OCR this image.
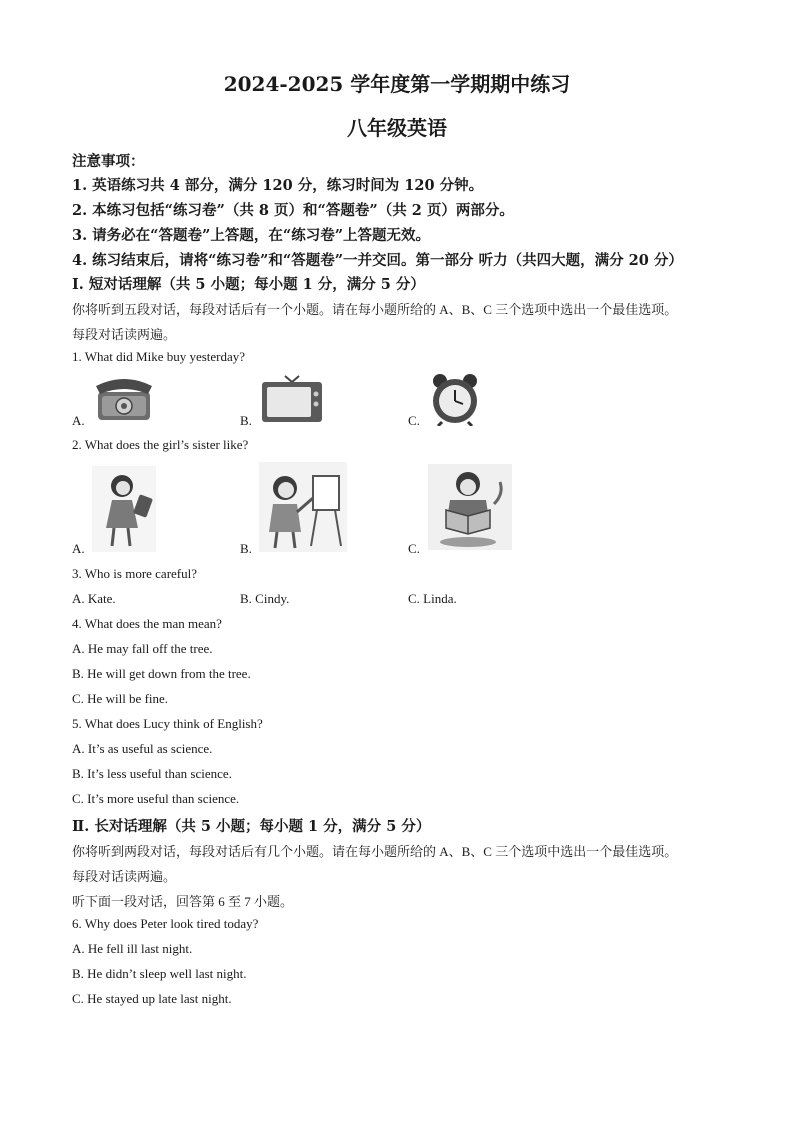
2024-2025 学年度第一学期期中练习
八年级英语
注意事项：
1. 英语练习共 4 部分，满分 120 分，练习时间为 120 分钟。
2. 本练习包括“练习卷”（共 8 页）和“答题卷”（共 2 页）两部分。
3. 请务必在“答题卷”上答题，在“练习卷”上答题无效。
4. 练习结束后，请将“练习卷”和“答题卷”一并交回。第一部分 听力（共四大题，满分 20 分）
Ⅰ. 短对话理解（共 5 小题；每小题 1 分，满分 5 分）
你将听到五段对话，每段对话后有一个小题。请在每小题所给的 A、B、C 三个选项中选出一个最佳选项。
每段对话读两遍。
1. What did Mike buy yesterday?
A.	B.	C.
2. What does the girl’s sister like?
A.	B.	C.
3. Who is more careful?
A. Kate.	B. Cindy.	C. Linda.
4. What does the man mean?
A. He may fall off the tree.
B. He will get down from the tree.
C. He will be fine.
5. What does Lucy think of English?
A. It’s as useful as science.
B. It’s less useful than science.
C. It’s more useful than science.
Ⅱ. 长对话理解（共 5 小题；每小题 1 分，满分 5 分）
你将听到两段对话，每段对话后有几个小题。请在每小题所给的 A、B、C 三个选项中选出一个最佳选项。
每段对话读两遍。
听下面一段对话，回答第 6 至 7 小题。
6. Why does Peter look tired today?
A. He fell ill last night.
B. He didn’t sleep well last night.
C. He stayed up late last night.
